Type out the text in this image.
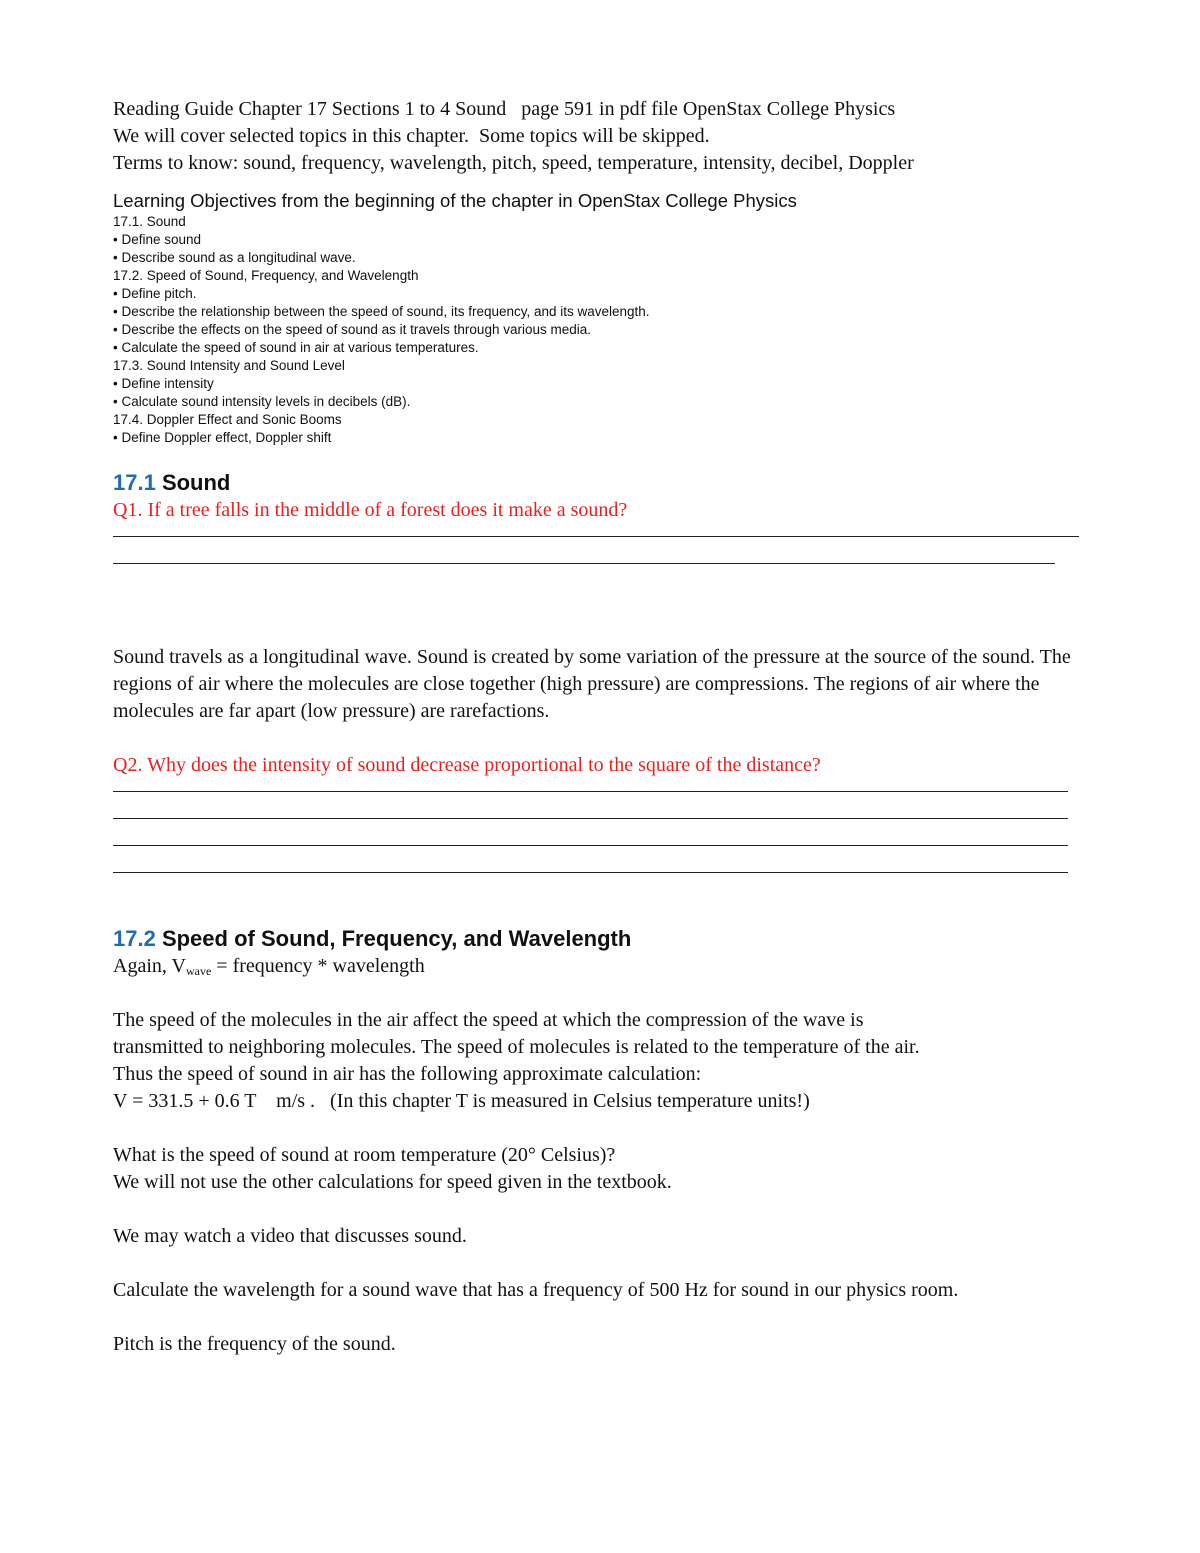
Reading Guide Chapter 17 Sections 1 to 4 Sound   page 591 in pdf file OpenStax College Physics
We will cover selected topics in this chapter.  Some topics will be skipped.
Terms to know: sound, frequency, wavelength, pitch, speed, temperature, intensity, decibel, Doppler
Learning Objectives from the beginning of the chapter in OpenStax College Physics
17.1. Sound
• Define sound
• Describe sound as a longitudinal wave.
17.2. Speed of Sound, Frequency, and Wavelength
• Define pitch.
• Describe the relationship between the speed of sound, its frequency, and its wavelength.
• Describe the effects on the speed of sound as it travels through various media.
• Calculate the speed of sound in air at various temperatures.
17.3. Sound Intensity and Sound Level
• Define intensity
• Calculate sound intensity levels in decibels (dB).
17.4. Doppler Effect and Sonic Booms
• Define Doppler effect, Doppler shift
17.1 Sound
Q1. If a tree falls in the middle of a forest does it make a sound?

Sound travels as a longitudinal wave. Sound is created by some variation of the pressure at the source of the sound. The regions of air where the molecules are close together (high pressure) are compressions. The regions of air where the molecules are far apart (low pressure) are rarefactions.

Q2. Why does the intensity of sound decrease proportional to the square of the distance?
17.2 Speed of Sound, Frequency, and Wavelength
Again, $V_{wave}$ = frequency * wavelength
The speed of the molecules in the air affect the speed at which the compression of the wave is
transmitted to neighboring molecules. The speed of molecules is related to the temperature of the air.
Thus the speed of sound in air has the following approximate calculation:
V = 331.5 + 0.6 T    m/s .   (In this chapter T is measured in Celsius temperature units!)
What is the speed of sound at room temperature (20° Celsius)?
We will not use the other calculations for speed given in the textbook.
We may watch a video that discusses sound.
Calculate the wavelength for a sound wave that has a frequency of 500 Hz for sound in our physics room.
Pitch is the frequency of the sound.
